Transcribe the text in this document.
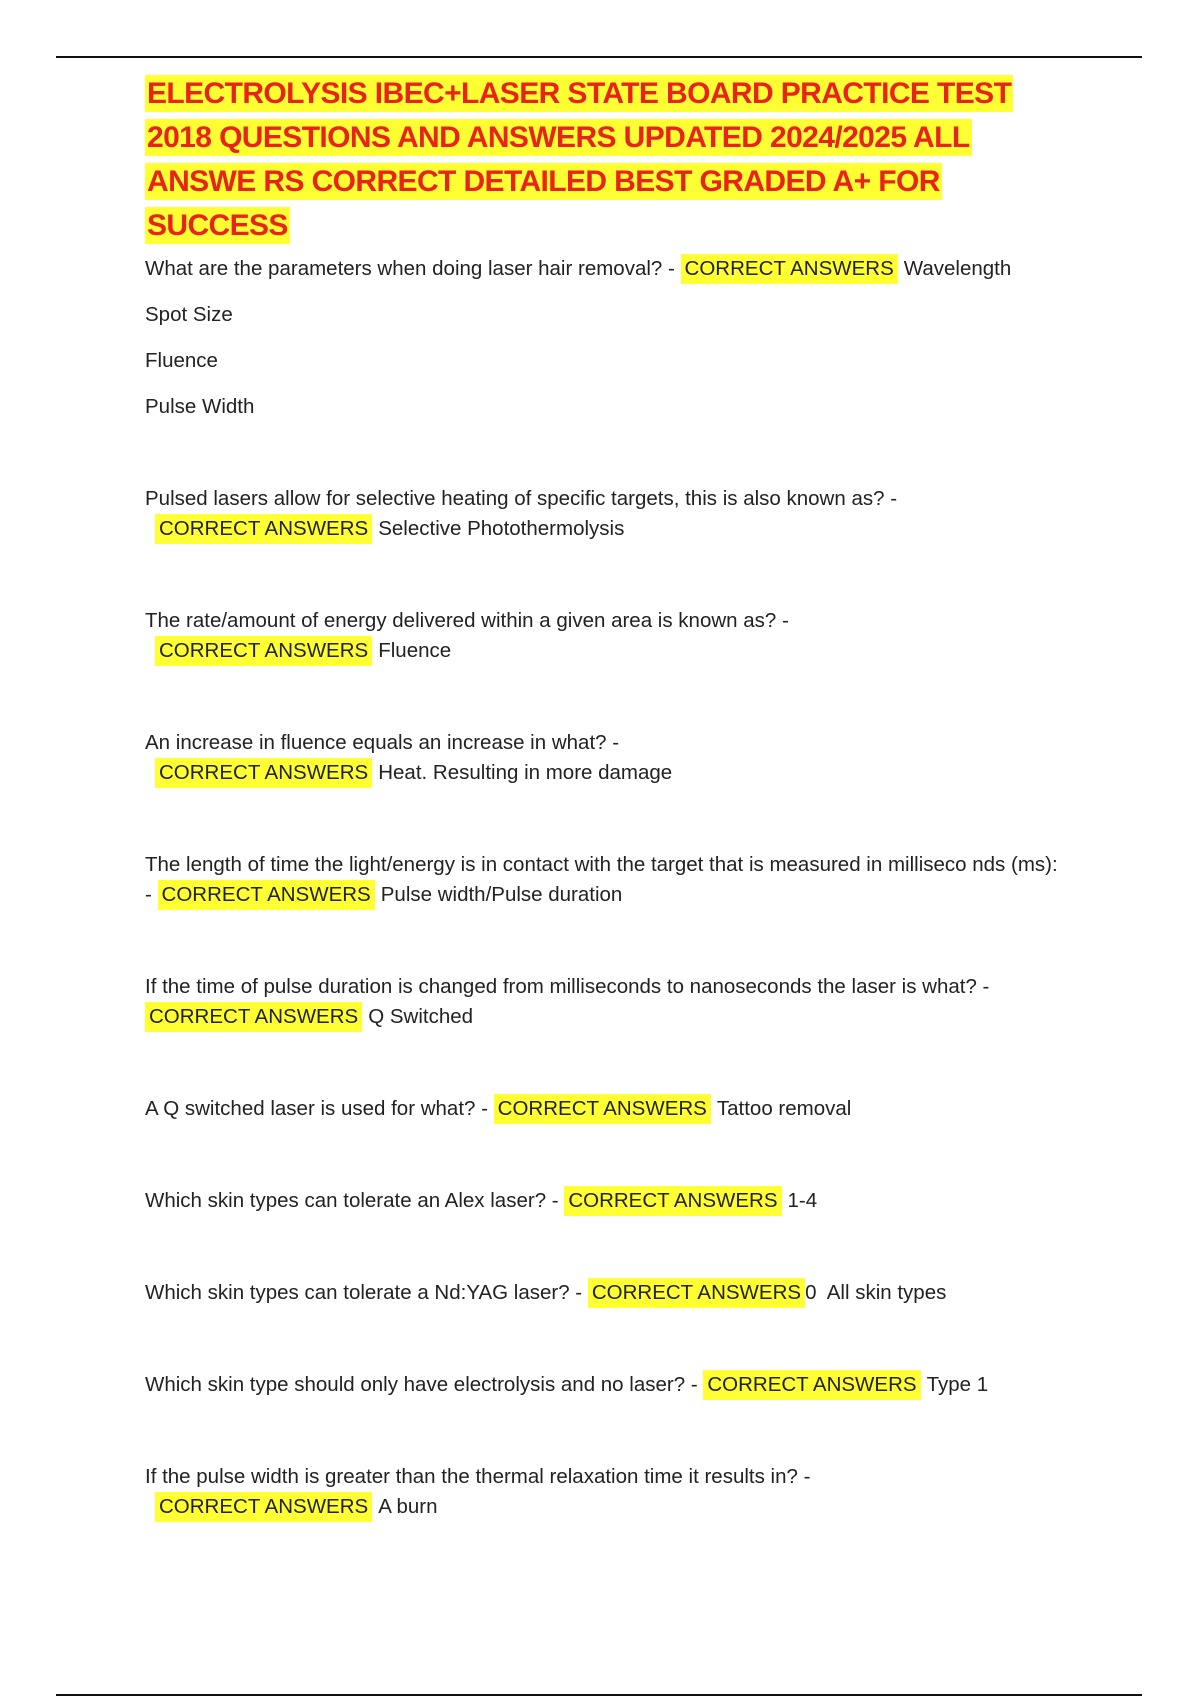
ELECTROLYSIS IBEC+LASER STATE BOARD PRACTICE TEST 2018 QUESTIONS AND ANSWERS UPDATED 2024/2025 ALL ANSWE RS CORRECT DETAILED BEST GRADED A+ FOR SUCCESS

What are the parameters when doing laser hair removal? - CORRECT ANSWERS Wavelength
Spot Size
Fluence
Pulse Width

Pulsed lasers allow for selective heating of specific targets, this is also known as? -
CORRECT ANSWERS Selective Photothermolysis

The rate/amount of energy delivered within a given area is known as? -
CORRECT ANSWERS Fluence

An increase in fluence equals an increase in what? -
CORRECT ANSWERS Heat. Resulting in more damage

The length of time the light/energy is in contact with the target that is measured in milliseco nds (ms): - CORRECT ANSWERS Pulse width/Pulse duration

If the time of pulse duration is changed from milliseconds to nanoseconds the laser is what? - CORRECT ANSWERS Q Switched

A Q switched laser is used for what? - CORRECT ANSWERS Tattoo removal

Which skin types can tolerate an Alex laser? - CORRECT ANSWERS 1-4

Which skin types can tolerate a Nd:YAG laser? - CORRECT ANSWERS 0 All skin types

Which skin type should only have electrolysis and no laser? - CORRECT ANSWERS Type 1

If the pulse width is greater than the thermal relaxation time it results in? -
CORRECT ANSWERS A burn
